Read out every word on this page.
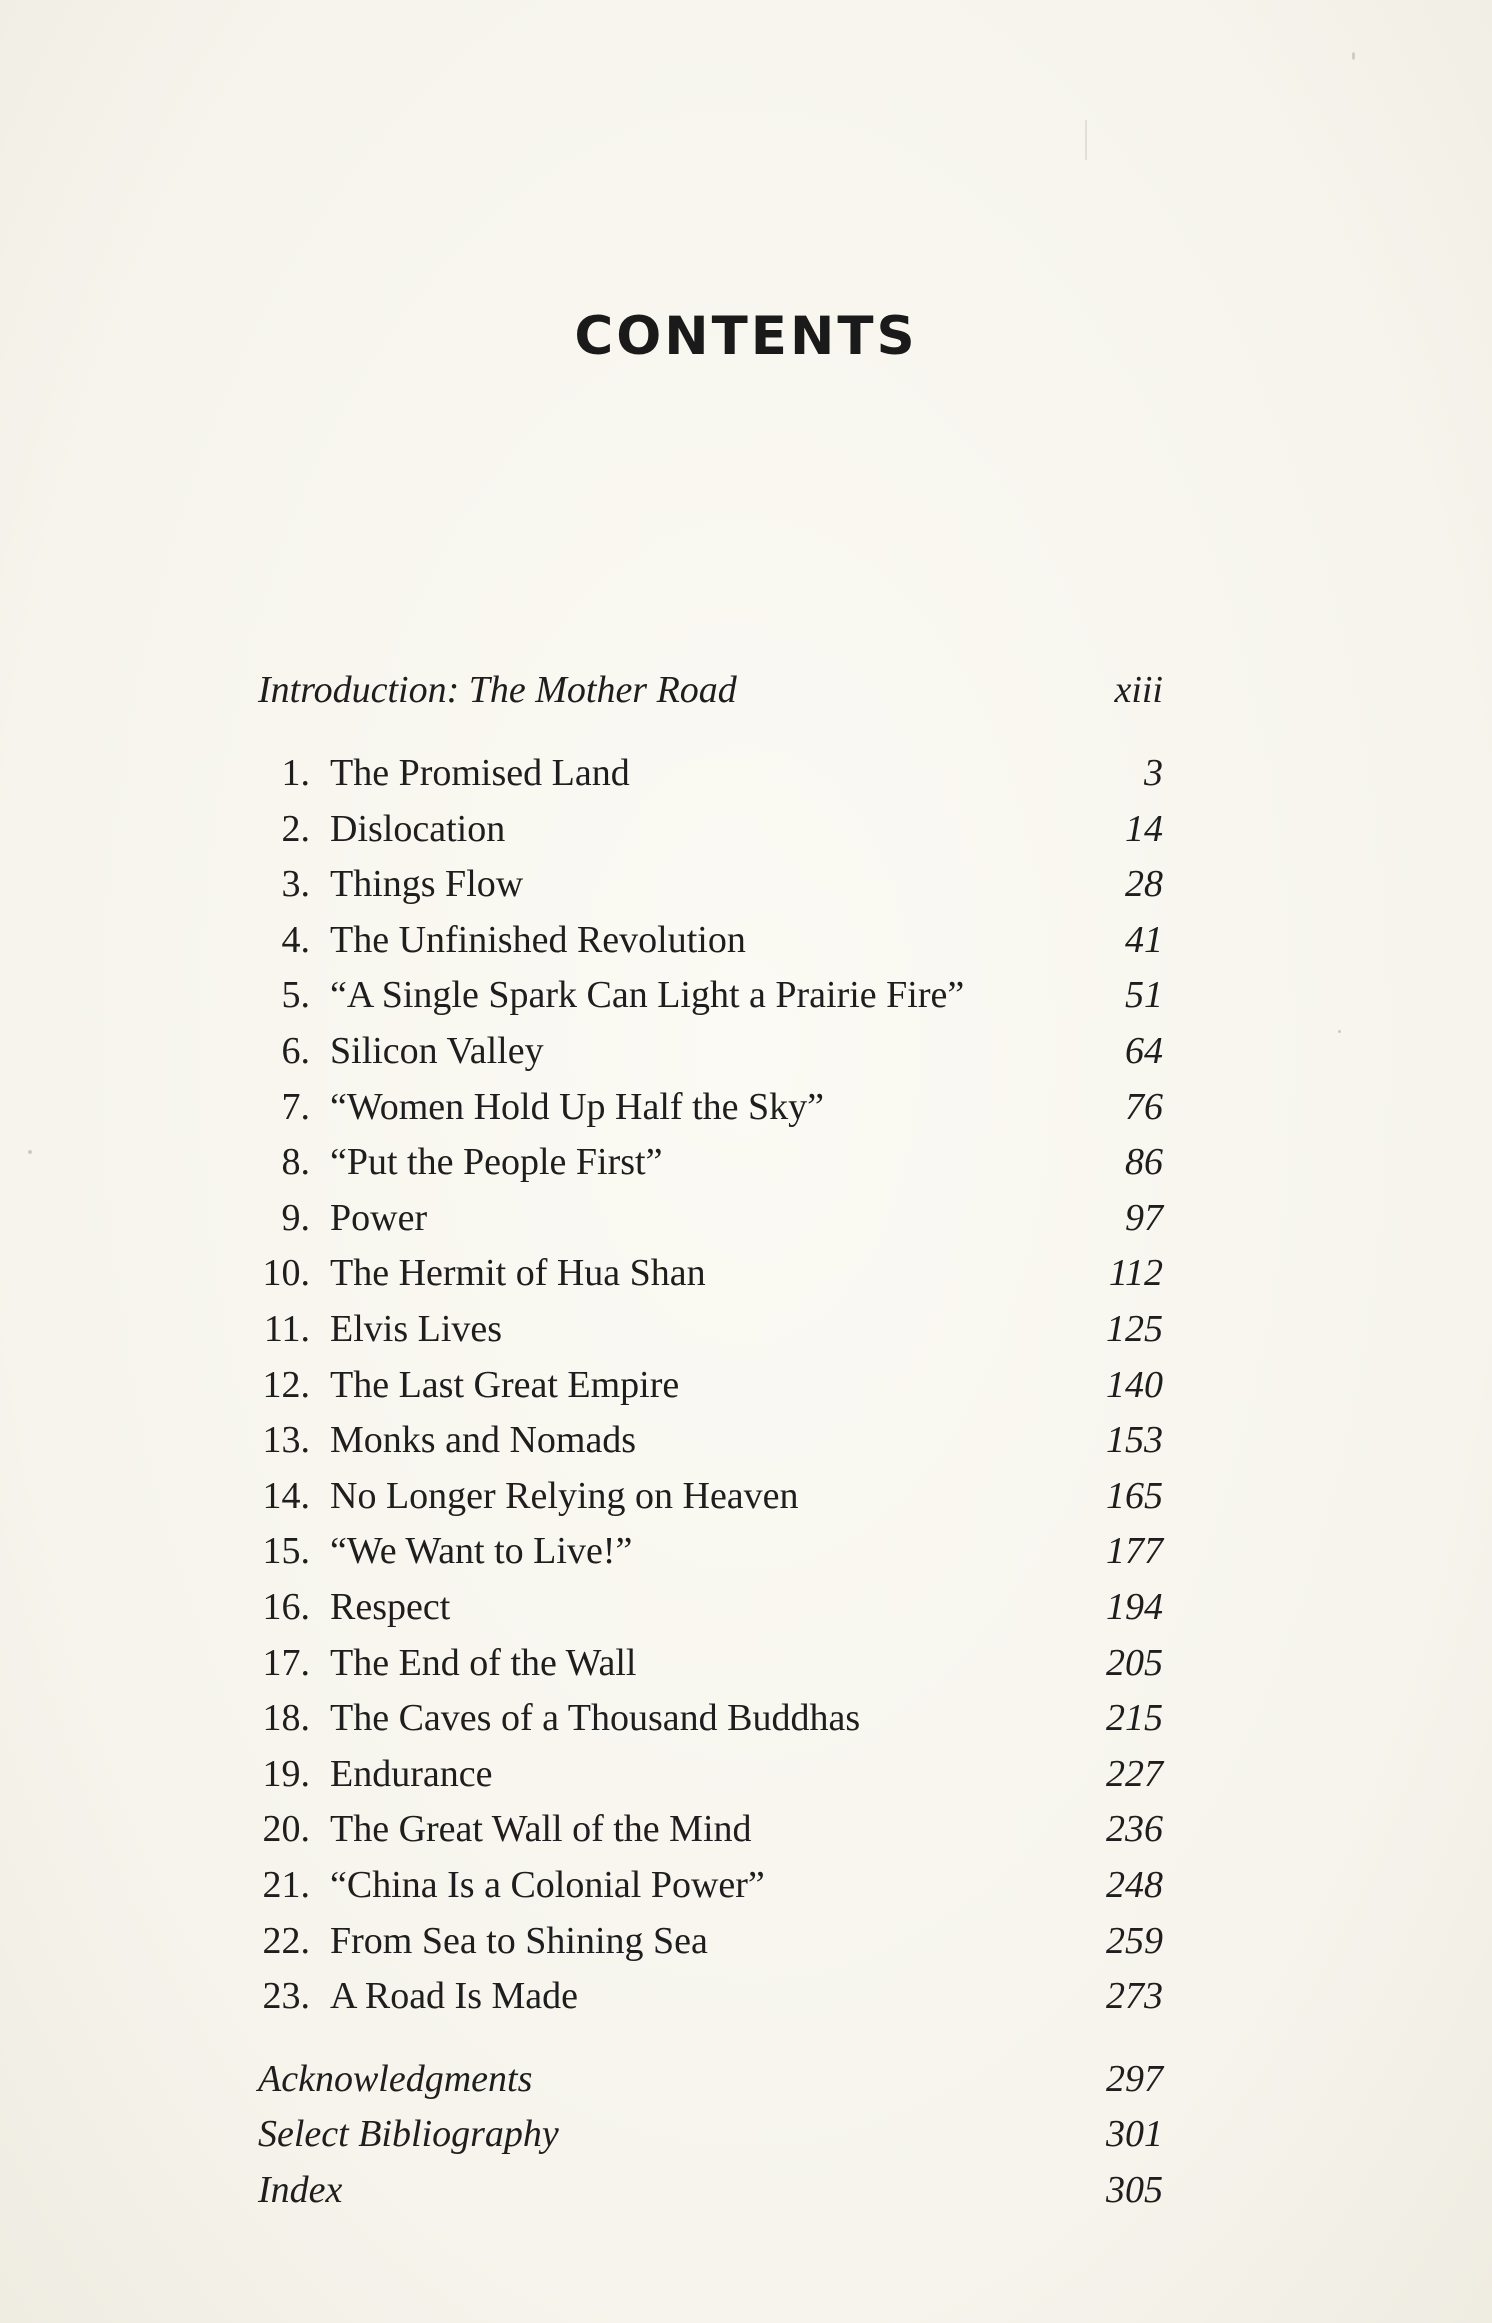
CONTENTS
Introduction: The Mother Road	xiii
1. The Promised Land	3
2. Dislocation	14
3. Things Flow	28
4. The Unfinished Revolution	41
5. “A Single Spark Can Light a Prairie Fire”	51
6. Silicon Valley	64
7. “Women Hold Up Half the Sky”	76
8. “Put the People First”	86
9. Power	97
10. The Hermit of Hua Shan	112
11. Elvis Lives	125
12. The Last Great Empire	140
13. Monks and Nomads	153
14. No Longer Relying on Heaven	165
15. “We Want to Live!”	177
16. Respect	194
17. The End of the Wall	205
18. The Caves of a Thousand Buddhas	215
19. Endurance	227
20. The Great Wall of the Mind	236
21. “China Is a Colonial Power”	248
22. From Sea to Shining Sea	259
23. A Road Is Made	273
Acknowledgments	297
Select Bibliography	301
Index	305
